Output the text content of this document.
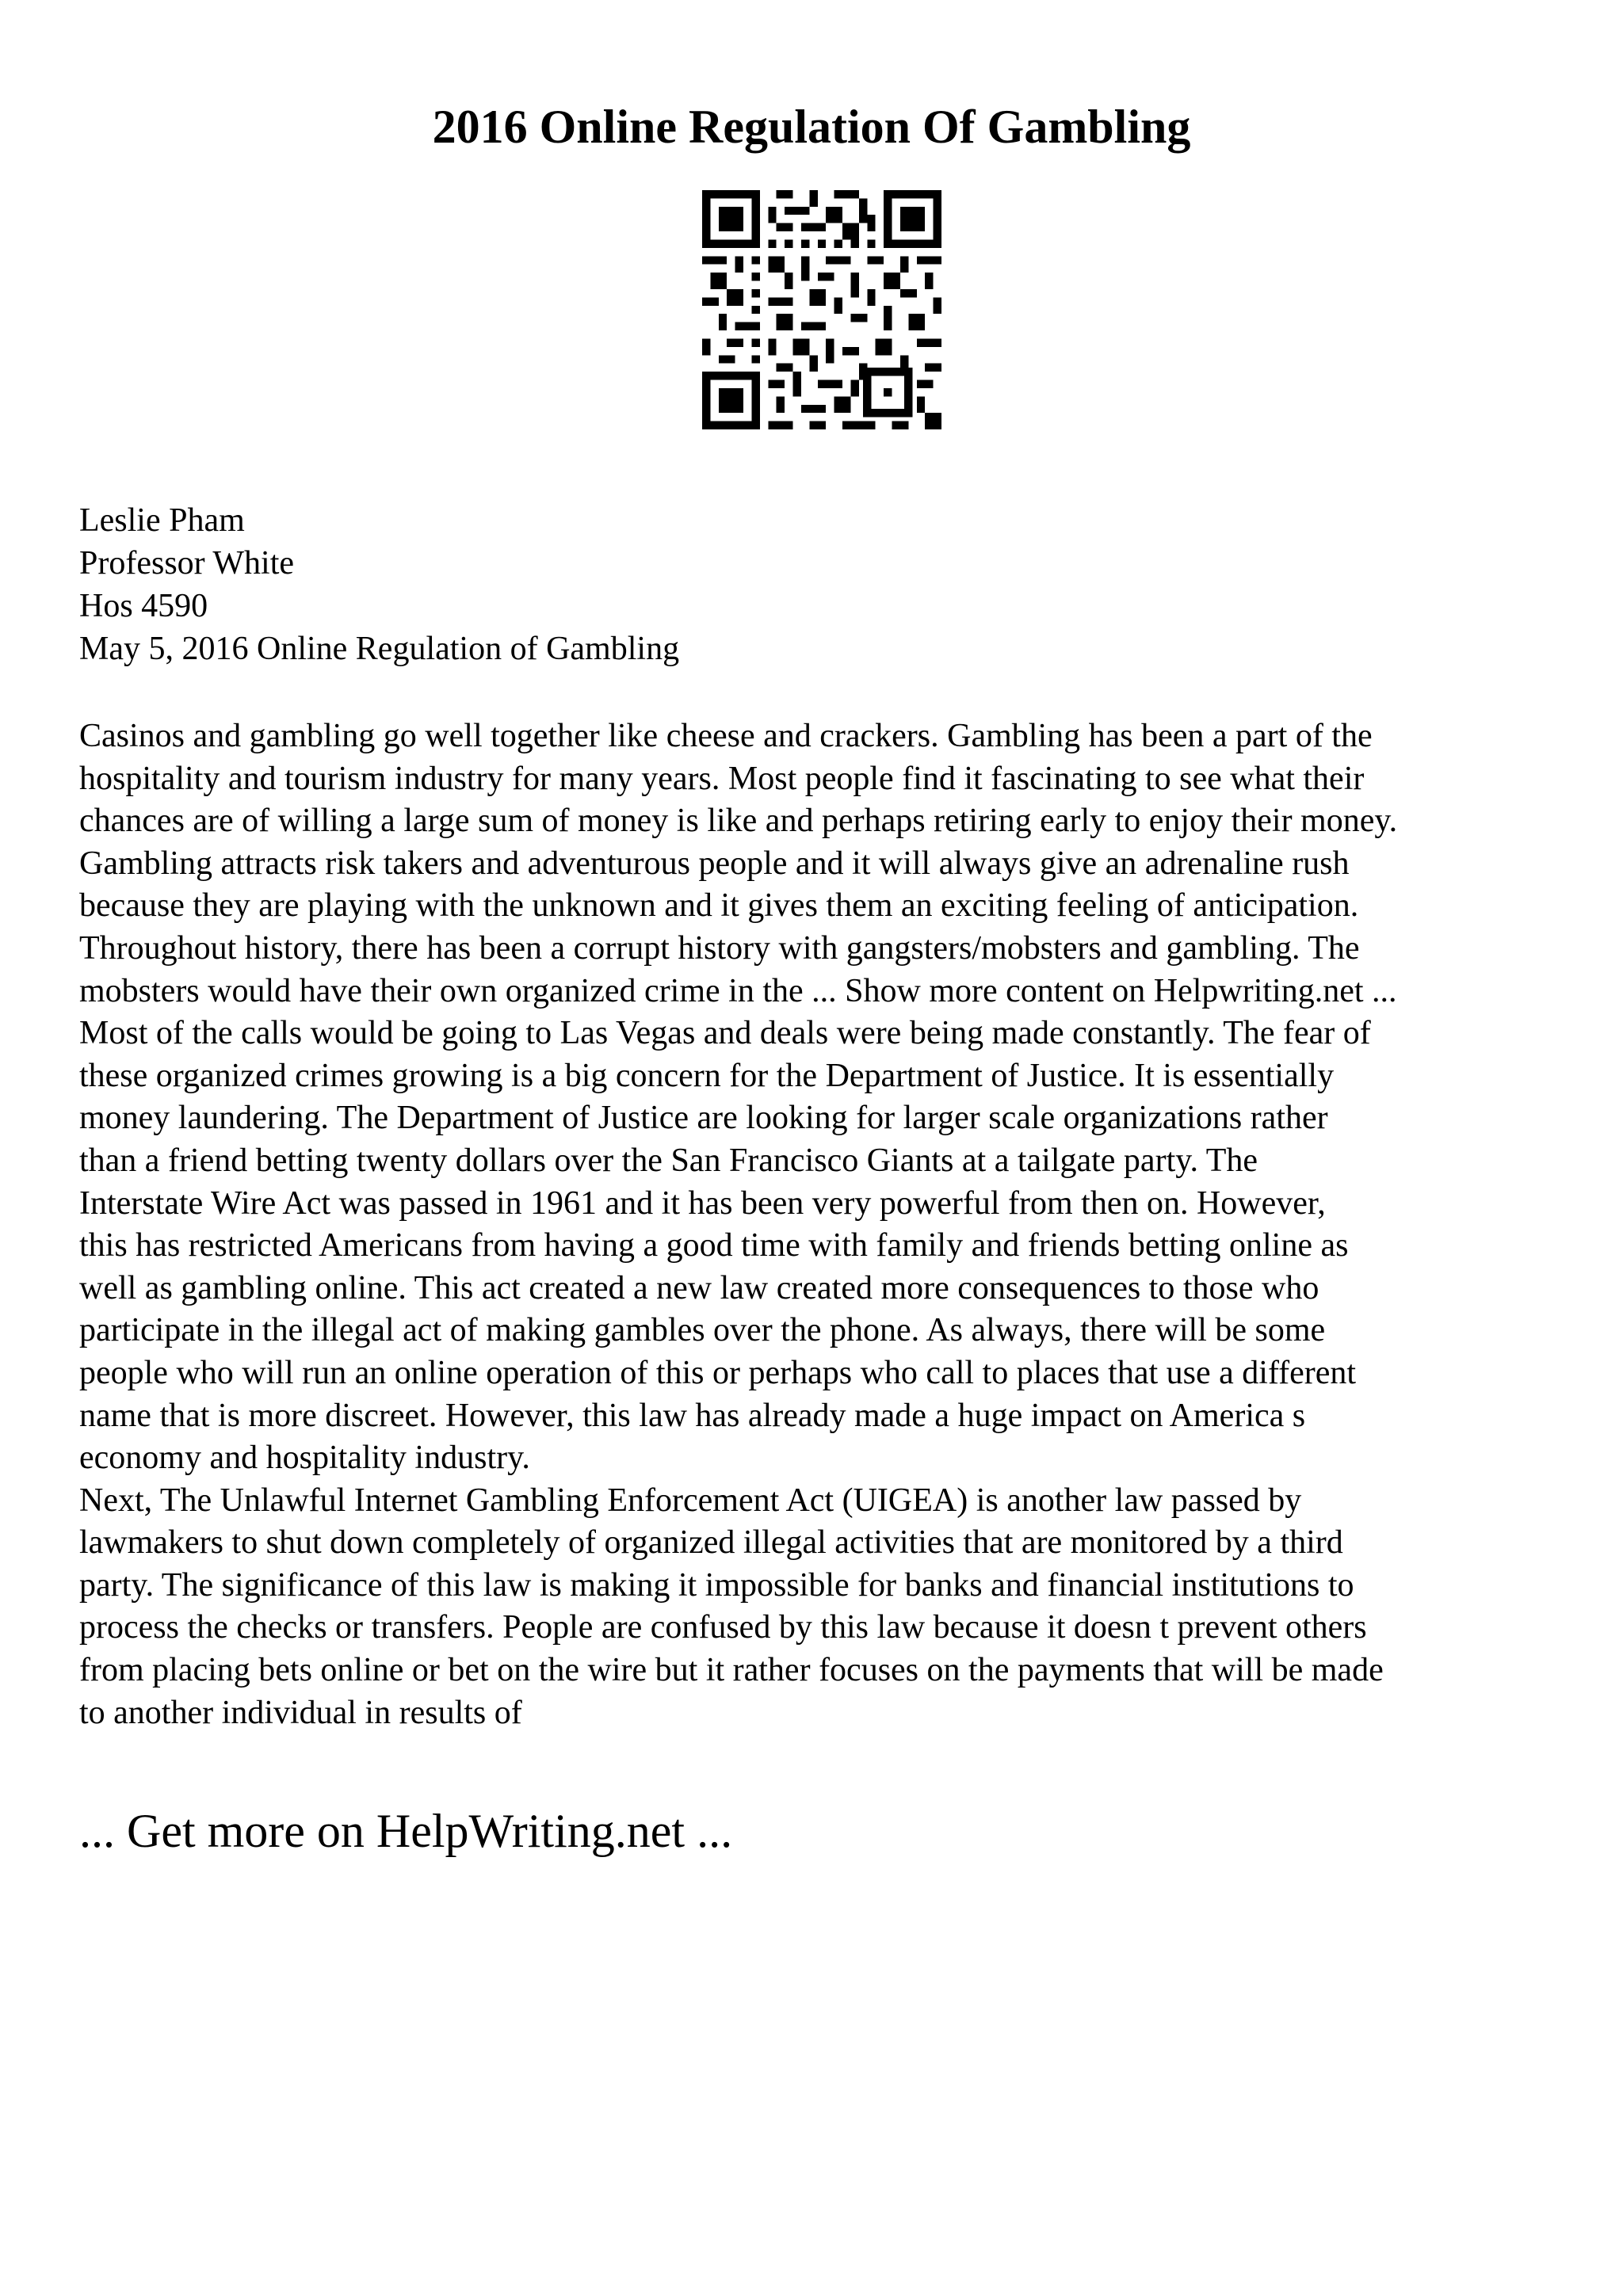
2016 Online Regulation Of Gambling
Leslie Pham
Professor White
Hos 4590
May 5, 2016 Online Regulation of Gambling
Casinos and gambling go well together like cheese and crackers. Gambling has been a part of the
hospitality and tourism industry for many years. Most people find it fascinating to see what their
chances are of willing a large sum of money is like and perhaps retiring early to enjoy their money.
Gambling attracts risk takers and adventurous people and it will always give an adrenaline rush
because they are playing with the unknown and it gives them an exciting feeling of anticipation.
Throughout history, there has been a corrupt history with gangsters/mobsters and gambling. The
mobsters would have their own organized crime in the ... Show more content on Helpwriting.net ...
Most of the calls would be going to Las Vegas and deals were being made constantly. The fear of
these organized crimes growing is a big concern for the Department of Justice. It is essentially
money laundering. The Department of Justice are looking for larger scale organizations rather
than a friend betting twenty dollars over the San Francisco Giants at a tailgate party. The
Interstate Wire Act was passed in 1961 and it has been very powerful from then on. However,
this has restricted Americans from having a good time with family and friends betting online as
well as gambling online. This act created a new law created more consequences to those who
participate in the illegal act of making gambles over the phone. As always, there will be some
people who will run an online operation of this or perhaps who call to places that use a different
name that is more discreet. However, this law has already made a huge impact on America s
economy and hospitality industry.
Next, The Unlawful Internet Gambling Enforcement Act (UIGEA) is another law passed by
lawmakers to shut down completely of organized illegal activities that are monitored by a third
party. The significance of this law is making it impossible for banks and financial institutions to
process the checks or transfers. People are confused by this law because it doesn t prevent others
from placing bets online or bet on the wire but it rather focuses on the payments that will be made
to another individual in results of
... Get more on HelpWriting.net ...
